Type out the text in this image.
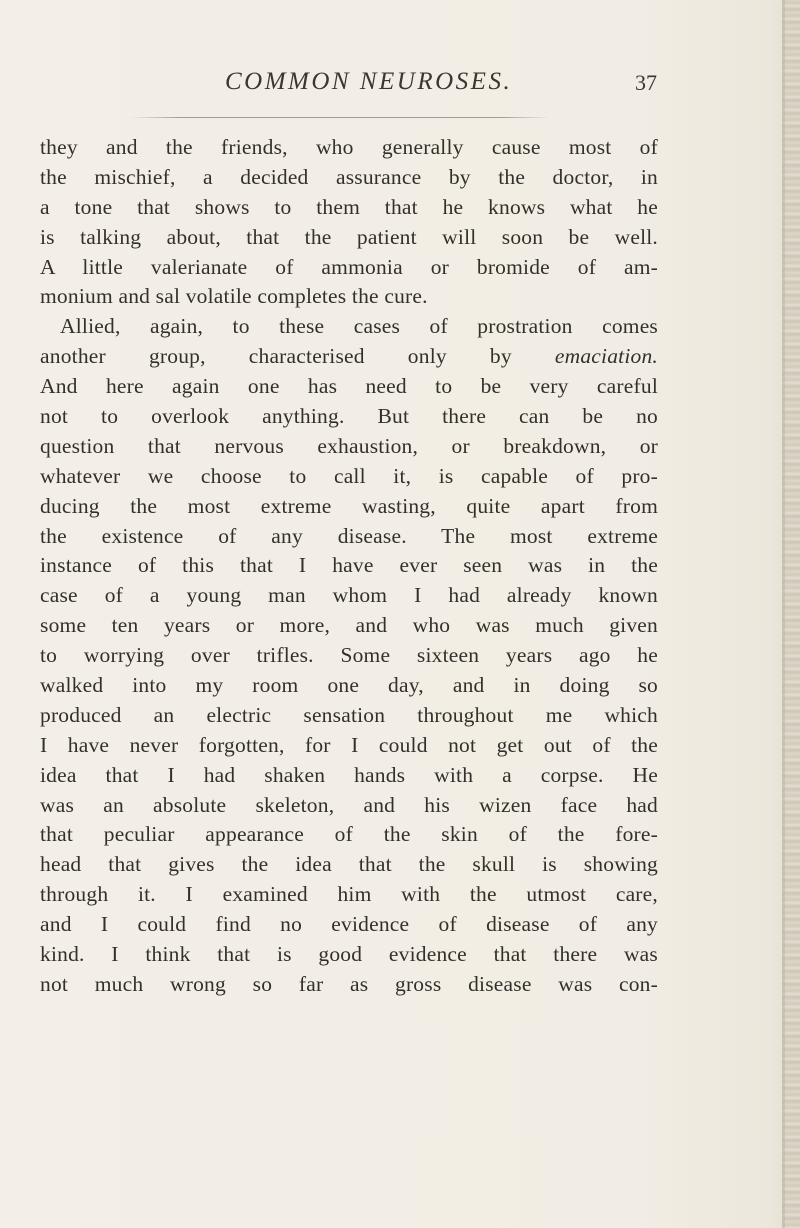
COMMON NEUROSES.	37
they and the friends, who generally cause most of
the mischief, a decided assurance by the doctor, in
a tone that shows to them that he knows what he
is talking about, that the patient will soon be well.
A little valerianate of ammonia or bromide of am-
monium and sal volatile completes the cure.
Allied, again, to these cases of prostration comes
another group, characterised only by emaciation.
And here again one has need to be very careful
not to overlook anything. But there can be no
question that nervous exhaustion, or breakdown, or
whatever we choose to call it, is capable of pro-
ducing the most extreme wasting, quite apart from
the existence of any disease. The most extreme
instance of this that I have ever seen was in the
case of a young man whom I had already known
some ten years or more, and who was much given
to worrying over trifles. Some sixteen years ago he
walked into my room one day, and in doing so
produced an electric sensation throughout me which
I have never forgotten, for I could not get out of the
idea that I had shaken hands with a corpse. He
was an absolute skeleton, and his wizen face had
that peculiar appearance of the skin of the fore-
head that gives the idea that the skull is showing
through it. I examined him with the utmost care,
and I could find no evidence of disease of any
kind. I think that is good evidence that there was
not much wrong so far as gross disease was con-
